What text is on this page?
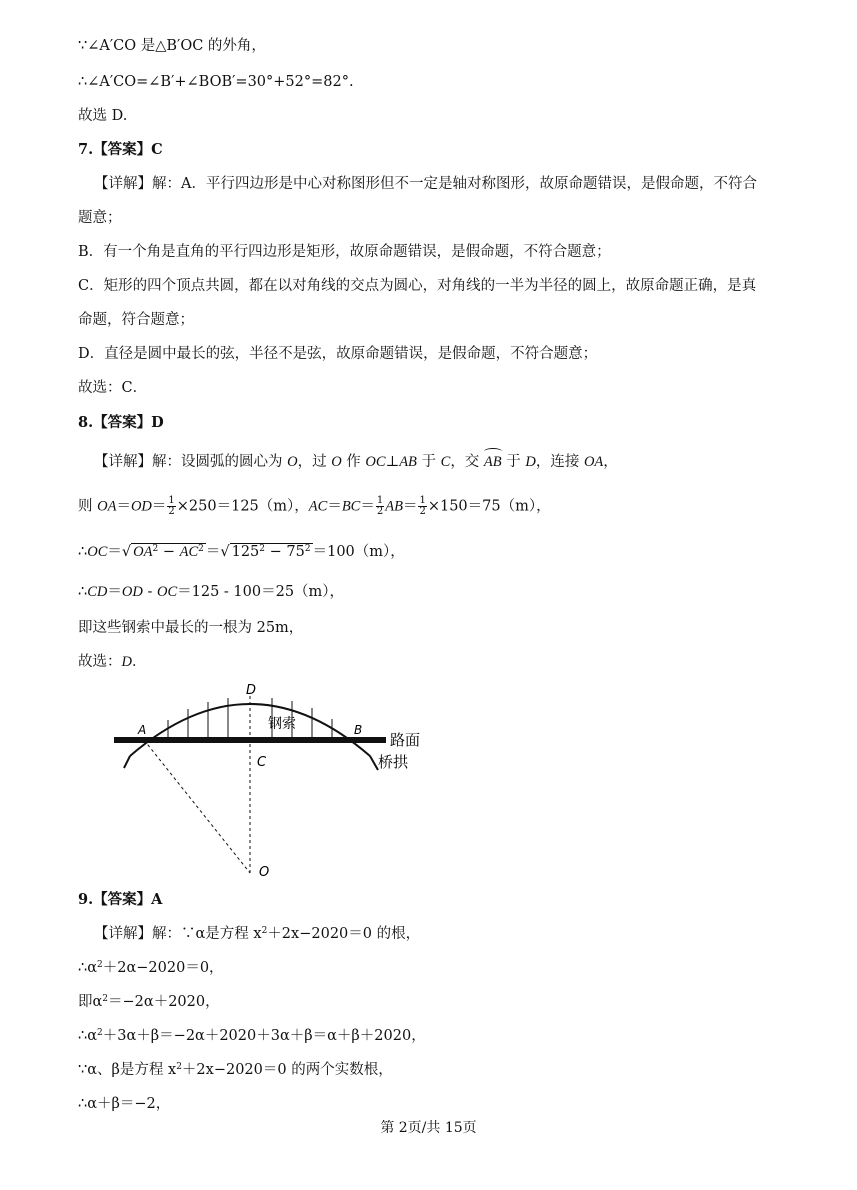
∵∠A′CO 是△B′OC 的外角，
∴∠A′CO=∠B′+∠BOB′=30°+52°=82°.
故选 D.
7.【答案】C
【详解】解：A．平行四边形是中心对称图形但不一定是轴对称图形，故原命题错误，是假命题，不符合
题意；
B．有一个角是直角的平行四边形是矩形，故原命题错误，是假命题，不符合题意；
C．矩形的四个顶点共圆，都在以对角线的交点为圆心，对角线的一半为半径的圆上，故原命题正确，是真
命题，符合题意；
D．直径是圆中最长的弦，半径不是弦，故原命题错误，是假命题，不符合题意；
故选：C．
8.【答案】D
【详解】解：设圆弧的圆心为 O，过 O 作 OC⊥AB 于 C，交 AB 于 D，连接 OA，
则 $OA=OD= \frac{1}{2} \times 250=125(m)$，$AC=BC= \frac{1}{2} AB= \frac{1}{2} \times 150=75(m)$，
∴OC＝√ $OA^2 - AC^2$ ＝√ $125^2 - 75^2 =100(m)$，
∴CD＝OD - OC＝125 - 100＝25（m），
即这些钢索中最长的一根为 25m，
故选：D．
D
A	B
C
O
钢索
路面
桥拱
9.【答案】A
【详解】解：∵α是方程 $x^2+2x-2020=0$ 的根，
$\therefore\alpha^2+2\alpha-2020=0$，
即$\alpha^2=-2\alpha+2020$，
$\therefore\alpha^2+3\alpha+\beta=-2\alpha+2020+3\alpha+\beta=\alpha+\beta+2020$，
∵α、β是方程 $x^2+2x-2020=0$ 的两个实数根，
∴α＋β＝−2，
第 2页/共 15页
